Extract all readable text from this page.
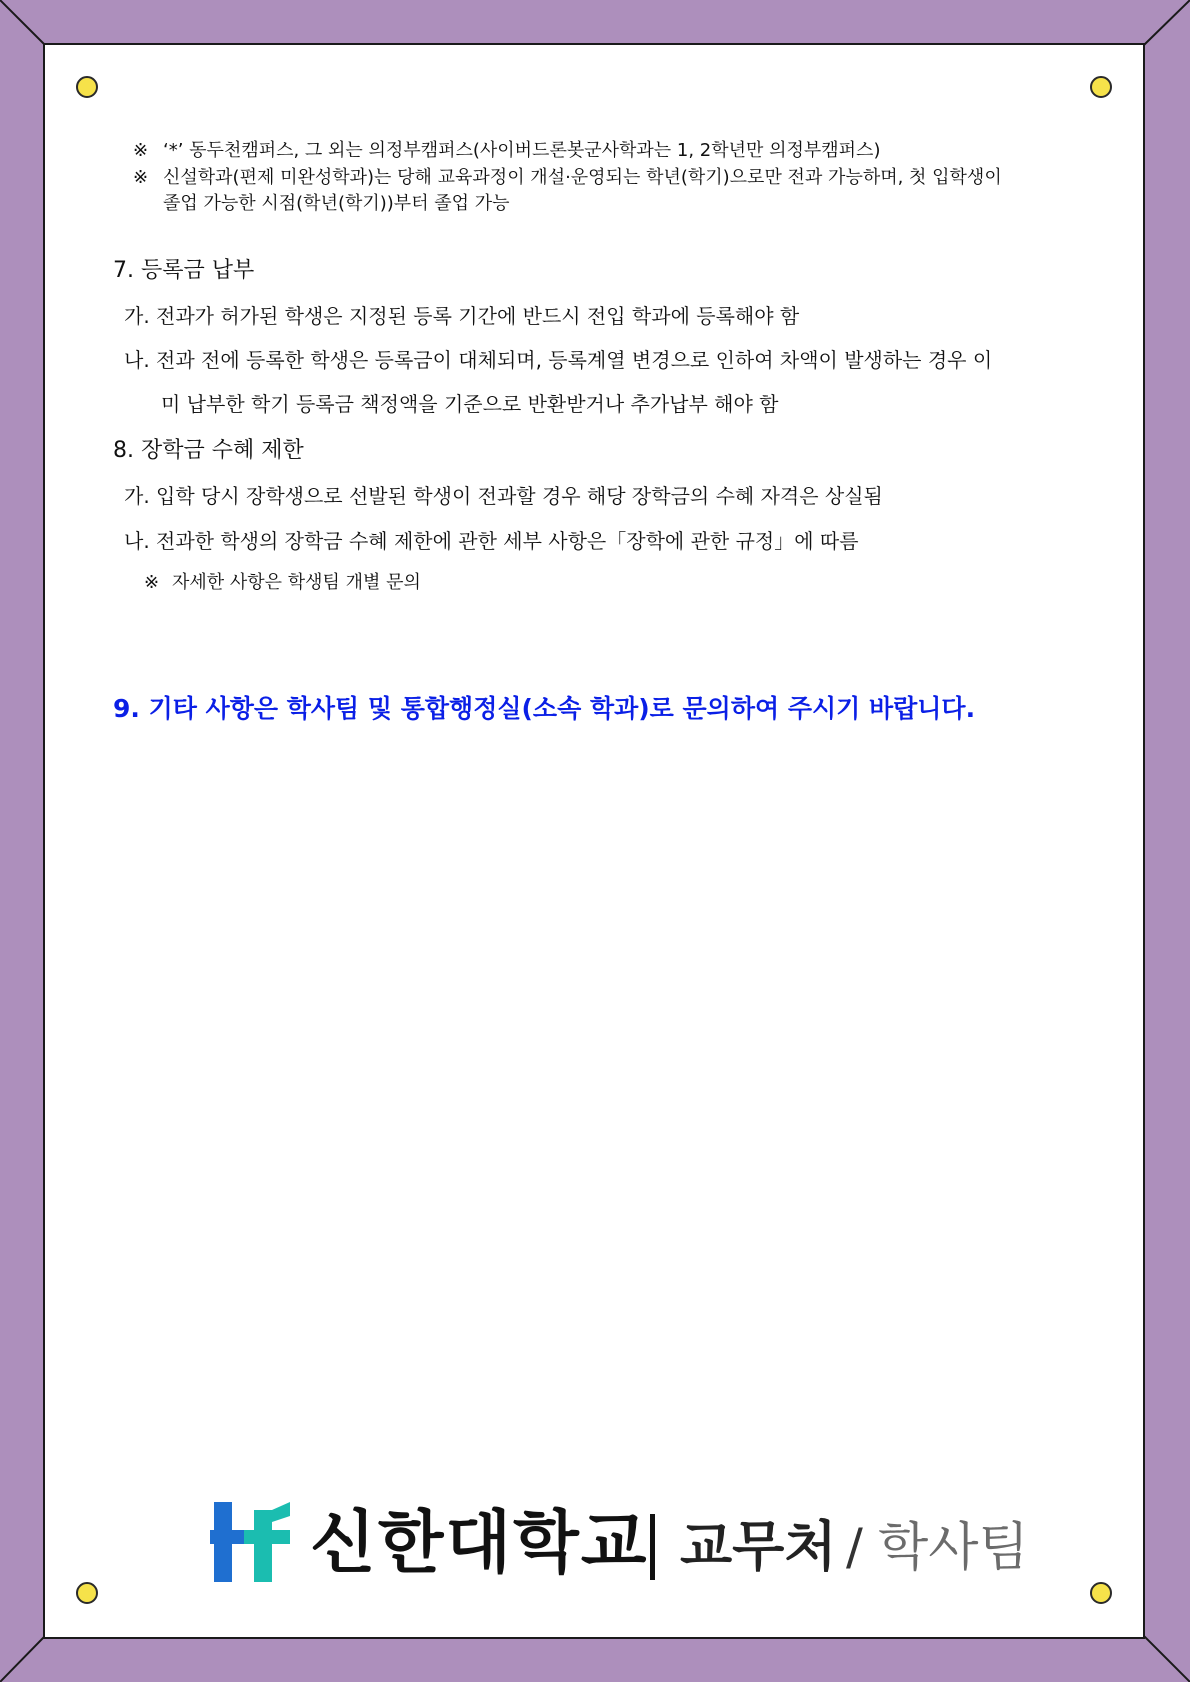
※ ‘*’ 동두천캠퍼스, 그 외는 의정부캠퍼스(사이버드론봇군사학과는 1, 2학년만 의정부캠퍼스)
※ 신설학과(편제 미완성학과)는 당해 교육과정이 개설·운영되는 학년(학기)으로만 전과 가능하며, 첫 입학생이
졸업 가능한 시점(학년(학기))부터 졸업 가능
7. 등록금 납부
가. 전과가 허가된 학생은 지정된 등록 기간에 반드시 전입 학과에 등록해야 함
나. 전과 전에 등록한 학생은 등록금이 대체되며, 등록계열 변경으로 인하여 차액이 발생하는 경우 이
미 납부한 학기 등록금 책정액을 기준으로 반환받거나 추가납부 해야 함
8. 장학금 수혜 제한
가. 입학 당시 장학생으로 선발된 학생이 전과할 경우 해당 장학금의 수혜 자격은 상실됨
나. 전과한 학생의 장학금 수혜 제한에 관한 세부 사항은「장학에 관한 규정」에 따름
※ 자세한 사항은 학생팀 개별 문의
9. 기타 사항은 학사팀 및 통합행정실(소속 학과)로 문의하여 주시기 바랍니다.
신한대학교 교무처 / 학사팀
